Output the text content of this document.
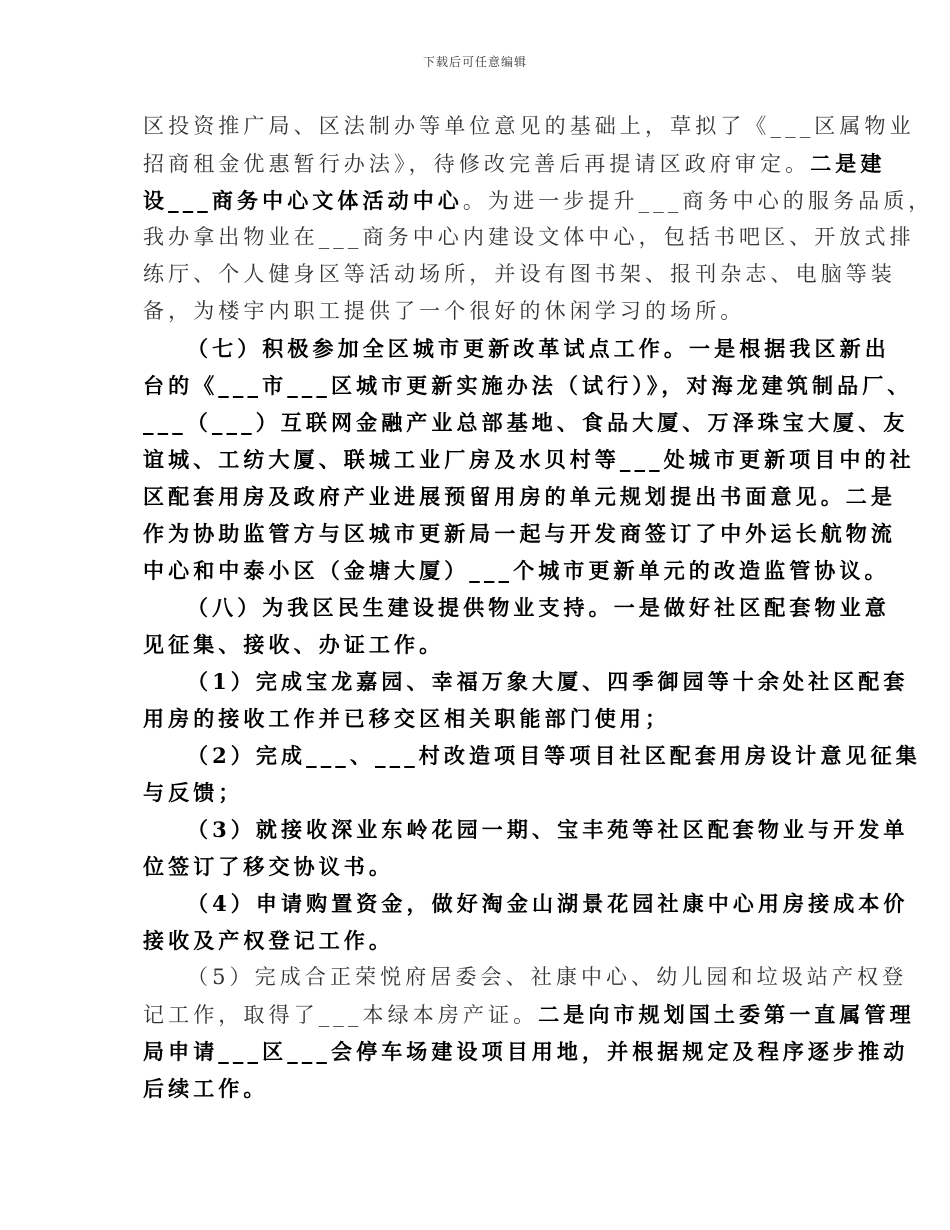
下载后可任意编辑
区投资推广局、区法制办等单位意见的基础上，草拟了《___区属物业
招商租金优惠暂行办法》，待修改完善后再提请区政府审定。二是建
设___商务中心文体活动中心。为进一步提升___商务中心的服务品质，
我办拿出物业在___商务中心内建设文体中心，包括书吧区、开放式排
练厅、个人健身区等活动场所，并设有图书架、报刊杂志、电脑等装
备，为楼宇内职工提供了一个很好的休闲学习的场所。
（七）积极参加全区城市更新改革试点工作。一是根据我区新出
台的《___市___区城市更新实施办法（试行）》，对海龙建筑制品厂、
___（___）互联网金融产业总部基地、食品大厦、万泽珠宝大厦、友
谊城、工纺大厦、联城工业厂房及水贝村等___处城市更新项目中的社
区配套用房及政府产业进展预留用房的单元规划提出书面意见。二是
作为协助监管方与区城市更新局一起与开发商签订了中外运长航物流
中心和中泰小区（金塘大厦）___个城市更新单元的改造监管协议。
（八）为我区民生建设提供物业支持。一是做好社区配套物业意
见征集、接收、办证工作。
（1）完成宝龙嘉园、幸福万象大厦、四季御园等十余处社区配套
用房的接收工作并已移交区相关职能部门使用；
（2）完成___、___村改造项目等项目社区配套用房设计意见征集
与反馈；
（3）就接收深业东岭花园一期、宝丰苑等社区配套物业与开发单
位签订了移交协议书。
（4）申请购置资金，做好淘金山湖景花园社康中心用房接成本价
接收及产权登记工作。
（5）完成合正荣悦府居委会、社康中心、幼儿园和垃圾站产权登
记工作，取得了___本绿本房产证。二是向市规划国土委第一直属管理
局申请___区___会停车场建设项目用地，并根据规定及程序逐步推动
后续工作。
